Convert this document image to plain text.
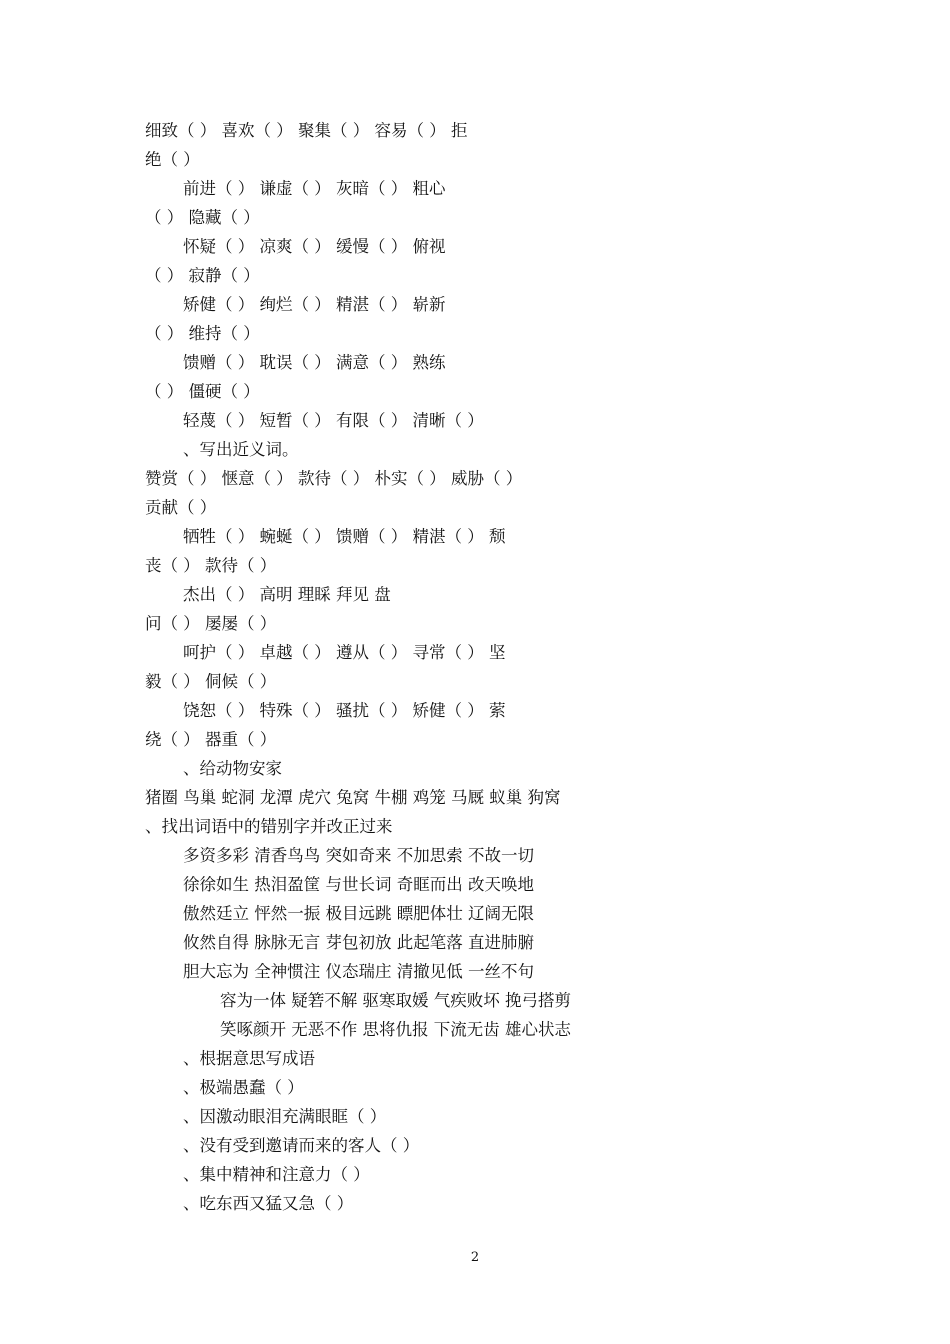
细致（ ） 喜欢（ ） 聚集（ ） 容易（ ） 拒
绝（ ）
前进（ ） 谦虚（ ） 灰暗（ ） 粗心
（ ） 隐藏（ ）
怀疑（ ） 凉爽（ ） 缓慢（ ） 俯视
（ ） 寂静（ ）
矫健（ ） 绚烂（ ） 精湛（ ） 崭新
（ ） 维持（ ）
馈赠（ ） 耽误（ ） 满意（ ） 熟练
（ ） 僵硬（ ）
轻蔑（ ） 短暂（ ） 有限（ ） 清晰（ ）
、写出近义词。
赞赏（ ） 惬意（ ） 款待（ ） 朴实（ ） 威胁（ ）
贡献（ ）
牺牲（ ） 蜿蜒（ ） 馈赠（ ） 精湛（ ） 颓
丧（ ） 款待（ ）
杰出（ ） 高明 理睬 拜见 盘
问（ ） 屡屡（ ）
呵护（ ） 卓越（ ） 遵从（ ） 寻常（ ） 坚
毅（ ） 侗候（ ）
饶恕（ ） 特殊（ ） 骚扰（ ） 矫健（ ） 萦
绕（ ） 器重（ ）
、给动物安家
猪圈 鸟巢 蛇洞 龙潭 虎穴 兔窝 牛棚 鸡笼 马厩 蚁巢 狗窝
、找出词语中的错别字并改正过来
多资多彩 清香鸟鸟 突如奇来 不加思索 不故一切
徐徐如生 热泪盈筐 与世长词 奇眶而出 改天唤地
傲然廷立 怦然一振 极目远跳 瞟肥体壮 辽阔无限
攸然自得 脉脉无言 芽包初放 此起笔落 直进肺腑
胆大忘为 全神惯注 仪态瑞庄 清撤见低 一丝不句
容为一体 疑箬不解 驱寒取媛 气疾败坏 挽弓搭剪
笑啄颜开 无恶不作 思将仇报 下流无齿 雄心状志
、根据意思写成语
、极端愚蠢（ ）
、因激动眼泪充满眼眶（ ）
、没有受到邀请而来的客人（ ）
、集中精神和注意力（ ）
、吃东西又猛又急（ ）
2
